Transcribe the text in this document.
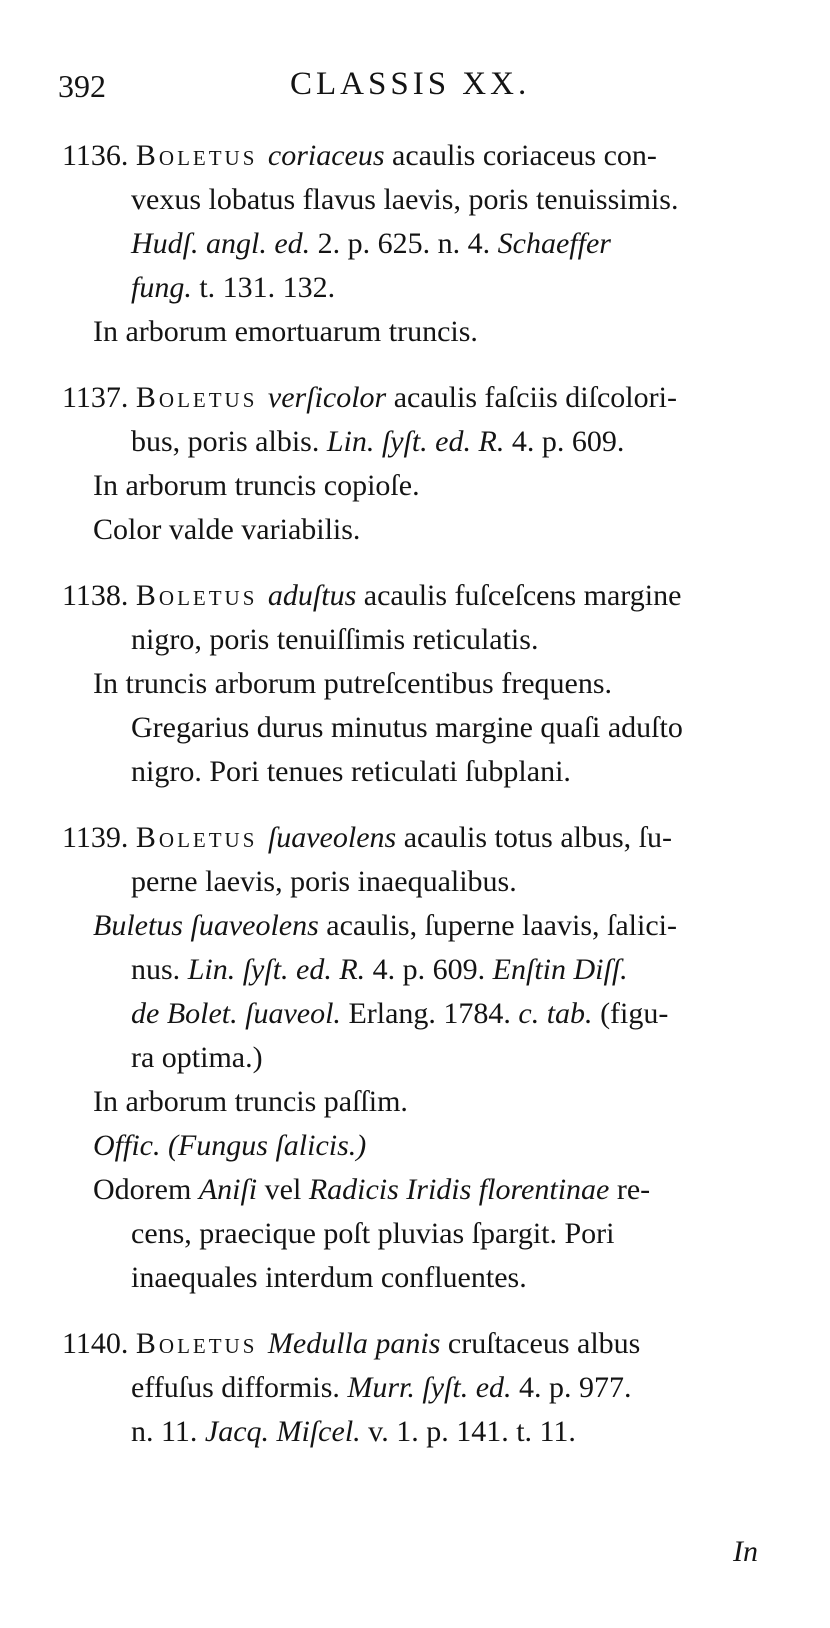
392	CLASSIS XX.
1136. Boletus coriaceus acaulis coriaceus con-
vexus lobatus flavus laevis, poris tenuissimis.
Hudſ. angl. ed. 2. p. 625. n. 4. Schaeffer
fung. t. 131. 132.
In arborum emortuarum truncis.
1137. Boletus verſicolor acaulis faſciis diſcolori-
bus, poris albis. Lin. ſyſt. ed. R. 4. p. 609.
In arborum truncis copioſe.
Color valde variabilis.
1138. Boletus aduſtus acaulis fuſceſcens margine
nigro, poris tenuiſſimis reticulatis.
In truncis arborum putreſcentibus frequens.
Gregarius durus minutus margine quaſi aduſto
nigro. Pori tenues reticulati ſubplani.
1139. Boletus ſuaveolens acaulis totus albus, ſu-
perne laevis, poris inaequalibus.
Buletus ſuaveolens acaulis, ſuperne laavis, ſalici-
nus. Lin. ſyſt. ed. R. 4. p. 609. Enſtin Diſſ.
de Bolet. ſuaveol. Erlang. 1784. c. tab. (figu-
ra optima.)
In arborum truncis paſſim.
Offic. (Fungus ſalicis.)
Odorem Aniſi vel Radicis Iridis florentinae re-
cens, praecique poſt pluvias ſpargit. Pori
inaequales interdum confluentes.
1140. Boletus Medulla panis cruſtaceus albus
effuſus difformis. Murr. ſyſt. ed. 4. p. 977.
n. 11. Jacq. Miſcel. v. 1. p. 141. t. 11.
In
